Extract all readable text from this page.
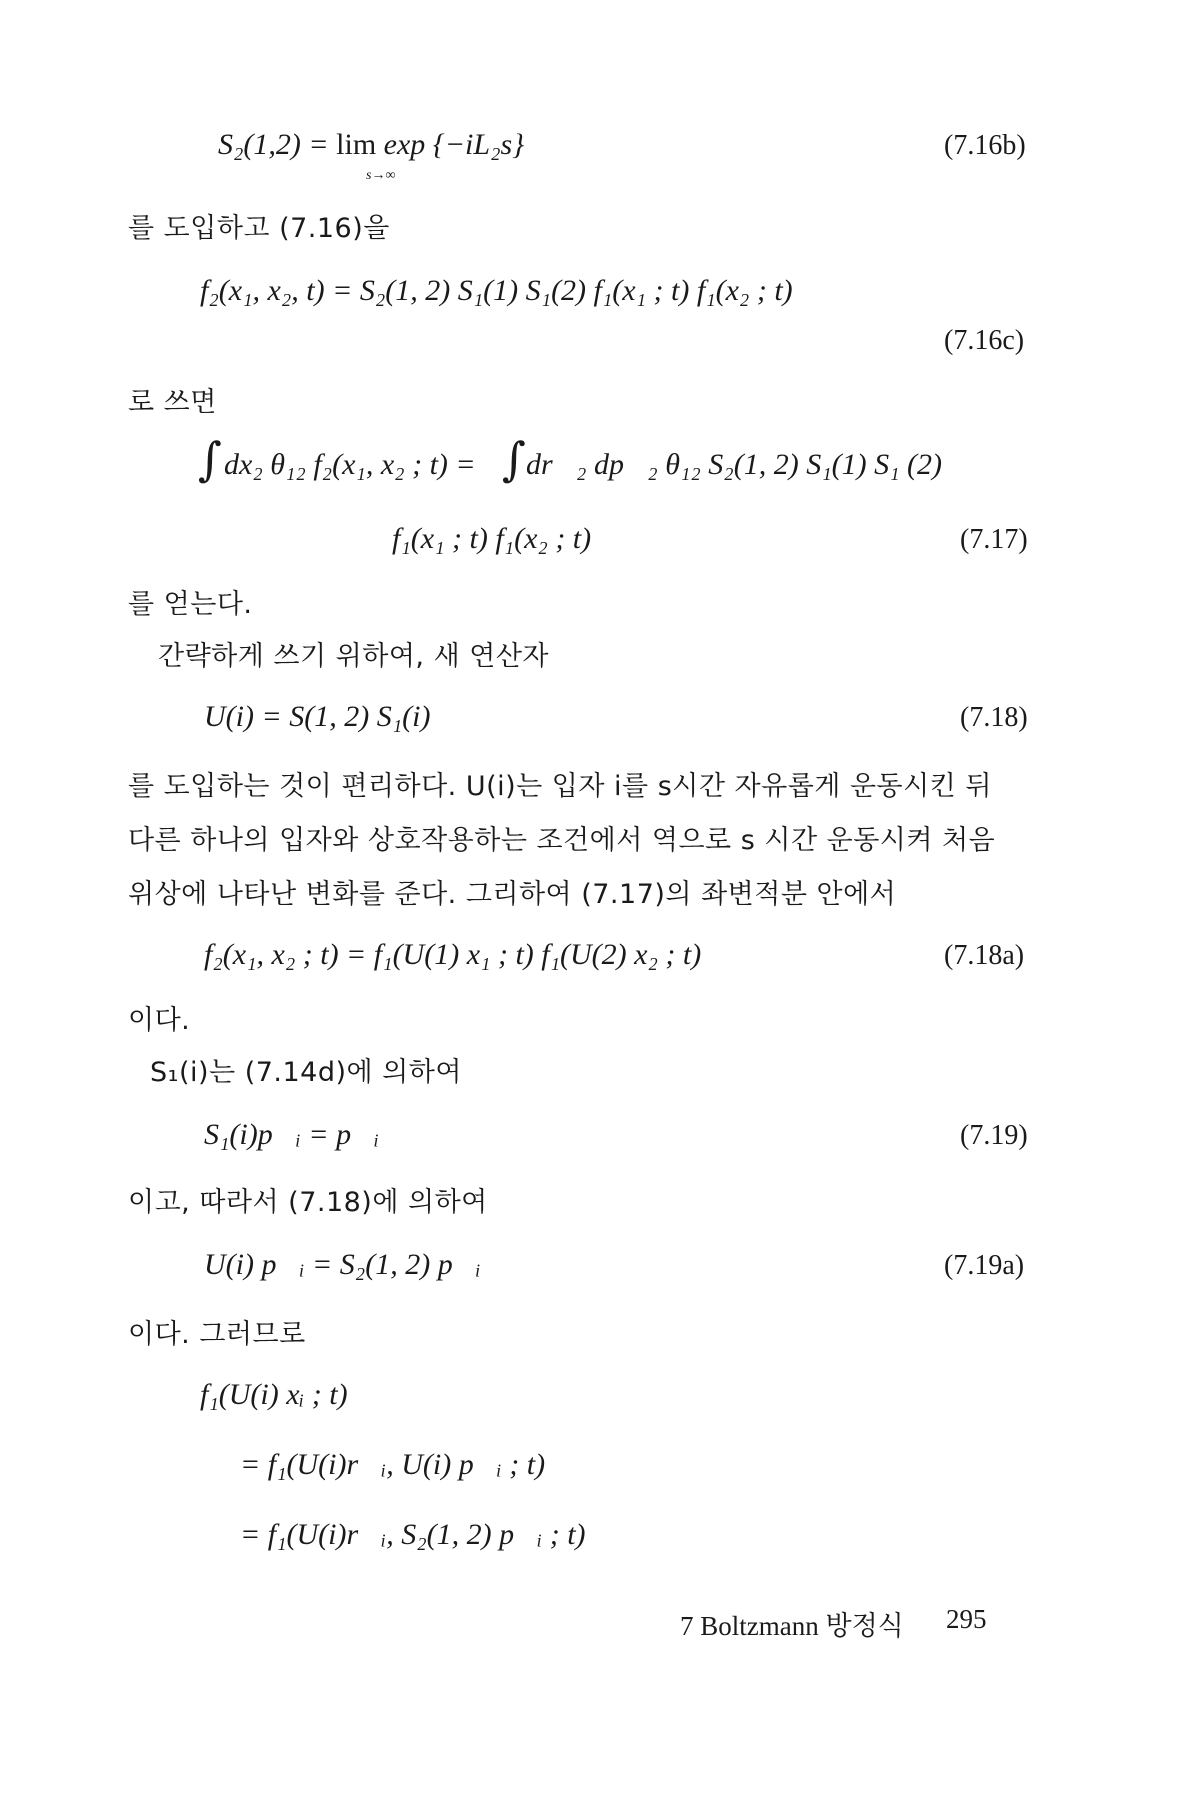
S₂(1,2) = lim exp {−iL₂s}
s→∞
(7.16b)
를 도입하고 (7.16)을
f₂(x₁, x₂, t) = S₂(1, 2) S₁(1) S₁(2) f₁(x₁ ; t) f₁(x₂ ; t)
(7.16c)
로 쓰면
∫ dx₂ θ₁₂ f₂(x₁, x₂ ; t) = ∫ dr⃗₂ dp⃗₂ θ₁₂ S₂(1, 2) S₁(1) S₁ (2)
f₁(x₁ ; t) f₁(x₂ ; t)	(7.17)
를 얻는다.
간략하게 쓰기 위하여, 새 연산자
U(i) = S(1, 2) S₁(i)	(7.18)
를 도입하는 것이 편리하다. U(i)는 입자 i를 s시간 자유롭게 운동시킨 뒤
다른 하나의 입자와 상호작용하는 조건에서 역으로 s 시간 운동시켜 처음
위상에 나타난 변화를 준다. 그리하여 (7.17)의 좌변적분 안에서
f₂(x₁, x₂ ; t) = f₁(U(1) x₁ ; t) f₁(U(2) x₂ ; t)	(7.18a)
이다.
S₁(i)는 (7.14d)에 의하여
S₁(i)p⃗ᵢ = p⃗ᵢ	(7.19)
이고, 따라서 (7.18)에 의하여
U(i) p⃗ᵢ = S₂(1, 2) p⃗ᵢ	(7.19a)
이다. 그러므로
f₁(U(i) xᵢ ; t)
= f₁(U(i)r⃗ᵢ, U(i) p⃗ᵢ ; t)
= f₁(U(i)r⃗ᵢ, S₂(1, 2) p⃗ᵢ ; t)
7 Boltzmann 방정식 295
